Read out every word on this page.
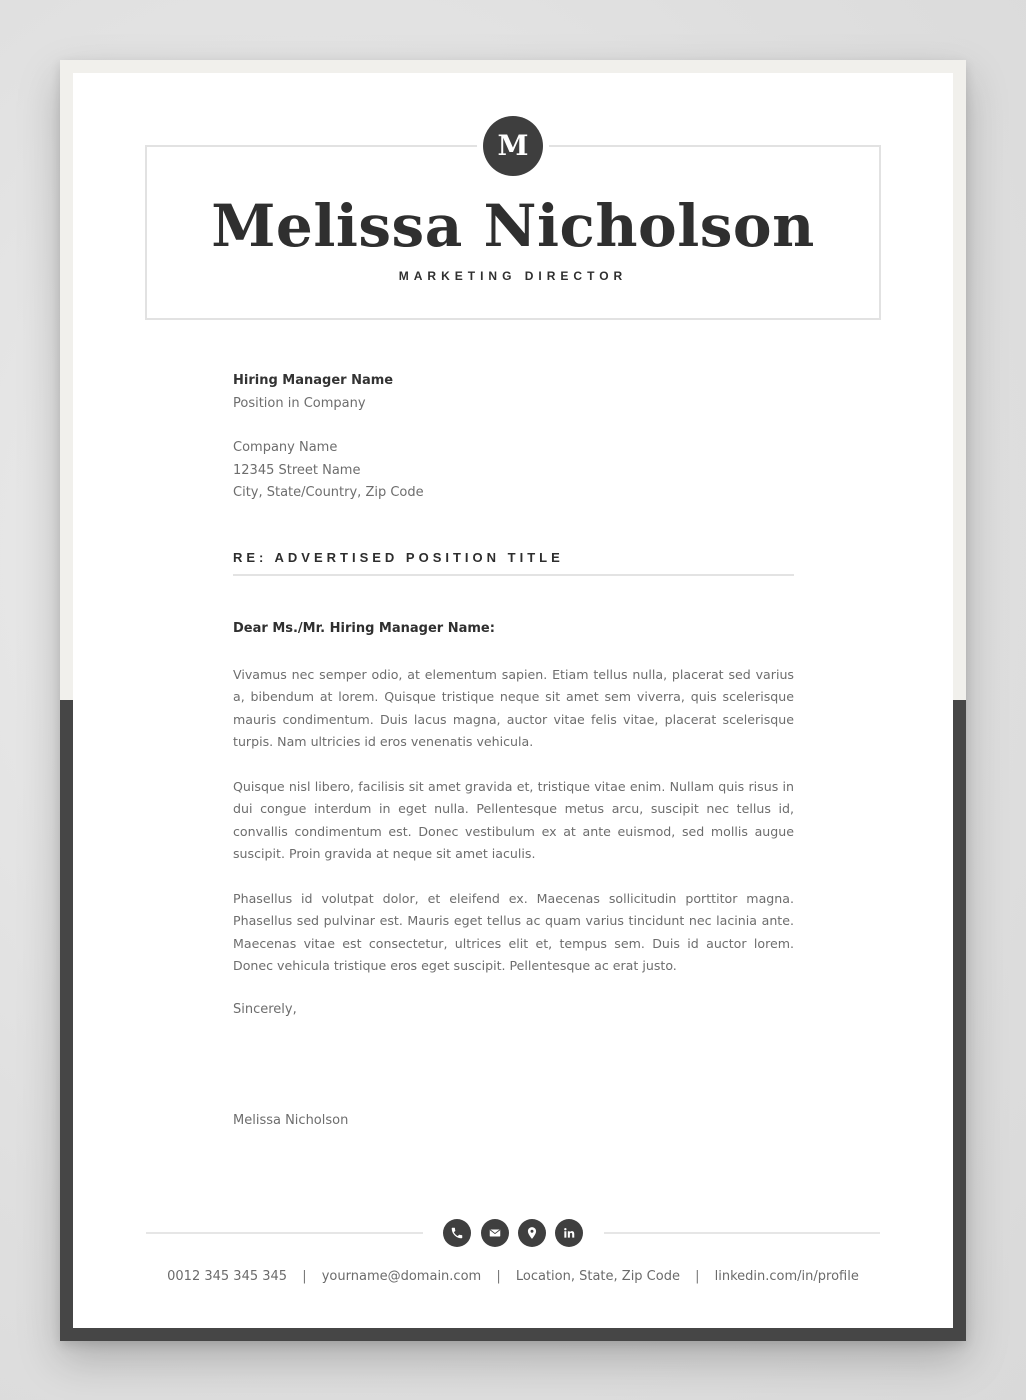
M
Melissa Nicholson
MARKETING DIRECTOR
Hiring Manager Name
Position in Company
Company Name
12345 Street Name
City, State/Country, Zip Code
RE: ADVERTISED POSITION TITLE
Dear Ms./Mr. Hiring Manager Name:
Vivamus nec semper odio, at elementum sapien. Etiam tellus nulla, placerat sed varius a, bibendum at lorem. Quisque tristique neque sit amet sem viverra, quis scelerisque mauris condimentum. Duis lacus magna, auctor vitae felis vitae, placerat scelerisque turpis. Nam ultricies id eros venenatis vehicula.
Quisque nisl libero, facilisis sit amet gravida et, tristique vitae enim. Nullam quis risus in dui congue interdum in eget nulla. Pellentesque metus arcu, suscipit nec tellus id, convallis condimentum est. Donec vestibulum ex at ante euismod, sed mollis augue suscipit. Proin gravida at neque sit amet iaculis.
Phasellus id volutpat dolor, et eleifend ex. Maecenas sollicitudin porttitor magna. Phasellus sed pulvinar est. Mauris eget tellus ac quam varius tincidunt nec lacinia ante. Maecenas vitae est consectetur, ultrices elit et, tempus sem. Duis id auctor lorem. Donec vehicula tristique eros eget suscipit. Pellentesque ac erat justo.
Sincerely,
Melissa Nicholson
0012 345 345 345 | yourname@domain.com | Location, State, Zip Code | linkedin.com/in/profile
